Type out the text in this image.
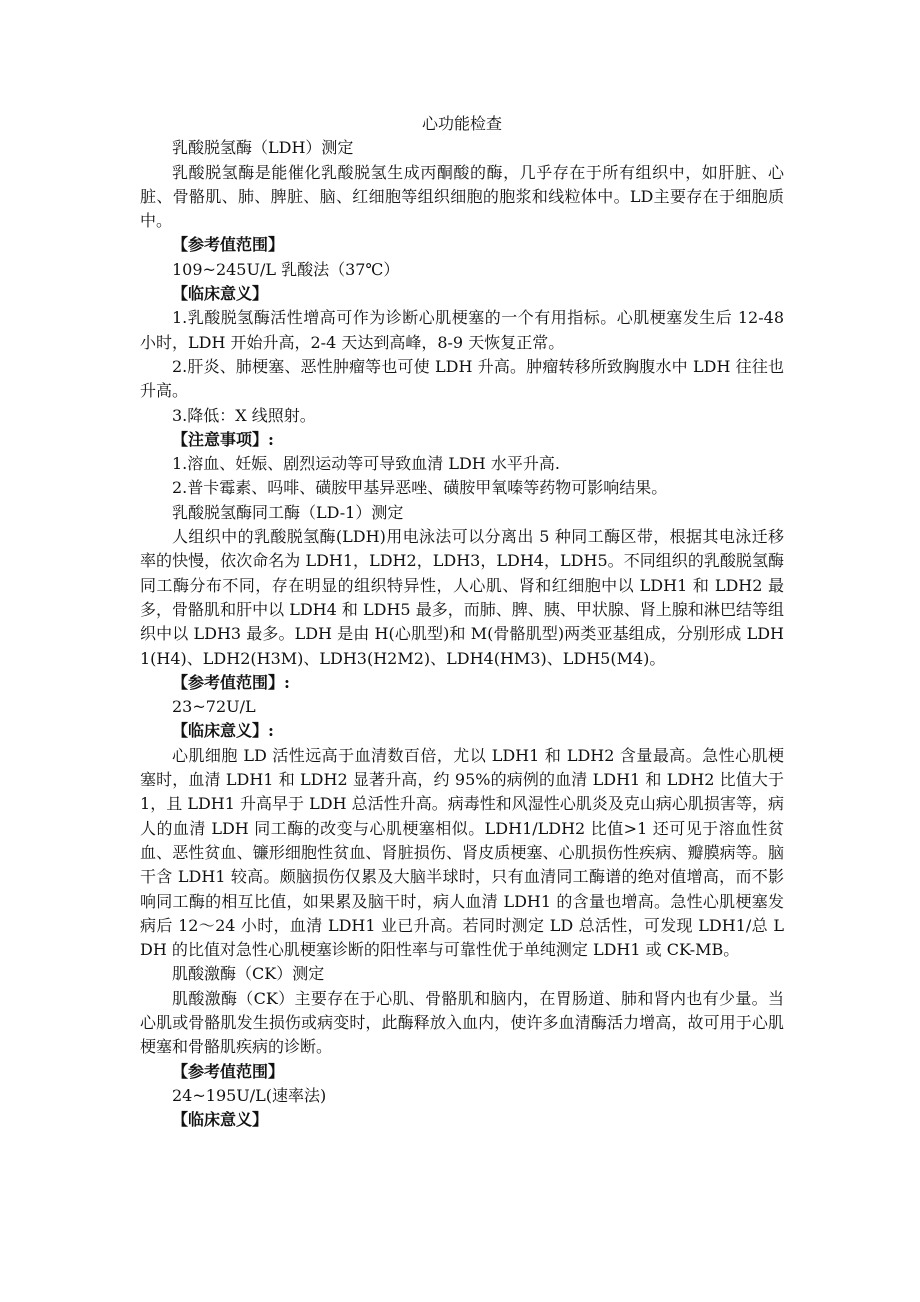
心功能检查

乳酸脱氢酶（LDH）测定

乳酸脱氢酶是能催化乳酸脱氢生成丙酮酸的酶，几乎存在于所有组织中，如肝脏、心脏、骨骼肌、肺、脾脏、脑、红细胞等组织细胞的胞浆和线粒体中。LD主要存在于细胞质中。

【参考值范围】

109~245U/L 乳酸法（37℃）

【临床意义】

1.乳酸脱氢酶活性增高可作为诊断心肌梗塞的一个有用指标。心肌梗塞发生后 12-48 小时，LDH 开始升高，2-4 天达到高峰，8-9 天恢复正常。

2.肝炎、肺梗塞、恶性肿瘤等也可使 LDH 升高。肿瘤转移所致胸腹水中 LDH 往往也升高。

3.降低：X 线照射。

【注意事项】:

1.溶血、妊娠、剧烈运动等可导致血清 LDH 水平升高.

2.普卡霉素、吗啡、磺胺甲基异恶唑、磺胺甲氧嗪等药物可影响结果。

乳酸脱氢酶同工酶（LD-1）测定

人组织中的乳酸脱氢酶(LDH)用电泳法可以分离出 5 种同工酶区带，根据其电泳迁移率的快慢，依次命名为 LDH1，LDH2，LDH3，LDH4，LDH5。不同组织的乳酸脱氢酶同工酶分布不同，存在明显的组织特异性，人心肌、肾和红细胞中以 LDH1 和 LDH2 最多，骨骼肌和肝中以 LDH4 和 LDH5 最多，而肺、脾、胰、甲状腺、肾上腺和淋巴结等组织中以 LDH3 最多。LDH 是由 H(心肌型)和 M(骨骼肌型)两类亚基组成，分别形成 LDH1(H4)、LDH2(H3M)、LDH3(H2M2)、LDH4(HM3)、LDH5(M4)。

【参考值范围】:

23~72U/L

【临床意义】:

心肌细胞 LD 活性远高于血清数百倍，尤以 LDH1 和 LDH2 含量最高。急性心肌梗塞时，血清 LDH1 和 LDH2 显著升高，约 95%的病例的血清 LDH1 和 LDH2 比值大于 1，且 LDH1 升高早于 LDH 总活性升高。病毒性和风湿性心肌炎及克山病心肌损害等，病人的血清 LDH 同工酶的改变与心肌梗塞相似。LDH1/LDH2 比值>1 还可见于溶血性贫血、恶性贫血、镰形细胞性贫血、肾脏损伤、肾皮质梗塞、心肌损伤性疾病、瓣膜病等。脑干含 LDH1 较高。颇脑损伤仅累及大脑半球时，只有血清同工酶谱的绝对值增高，而不影响同工酶的相互比值，如果累及脑干时，病人血清 LDH1 的含量也增高。急性心肌梗塞发病后 12～24 小时，血清 LDH1 业已升高。若同时测定 LD 总活性，可发现 LDH1/总 LDH 的比值对急性心肌梗塞诊断的阳性率与可靠性优于单纯测定 LDH1 或 CK-MB。

肌酸激酶（CK）测定

肌酸激酶（CK）主要存在于心肌、骨骼肌和脑内，在胃肠道、肺和肾内也有少量。当心肌或骨骼肌发生损伤或病变时，此酶释放入血内，使许多血清酶活力增高，故可用于心肌梗塞和骨骼肌疾病的诊断。

【参考值范围】

24~195U/L(速率法)

【临床意义】
